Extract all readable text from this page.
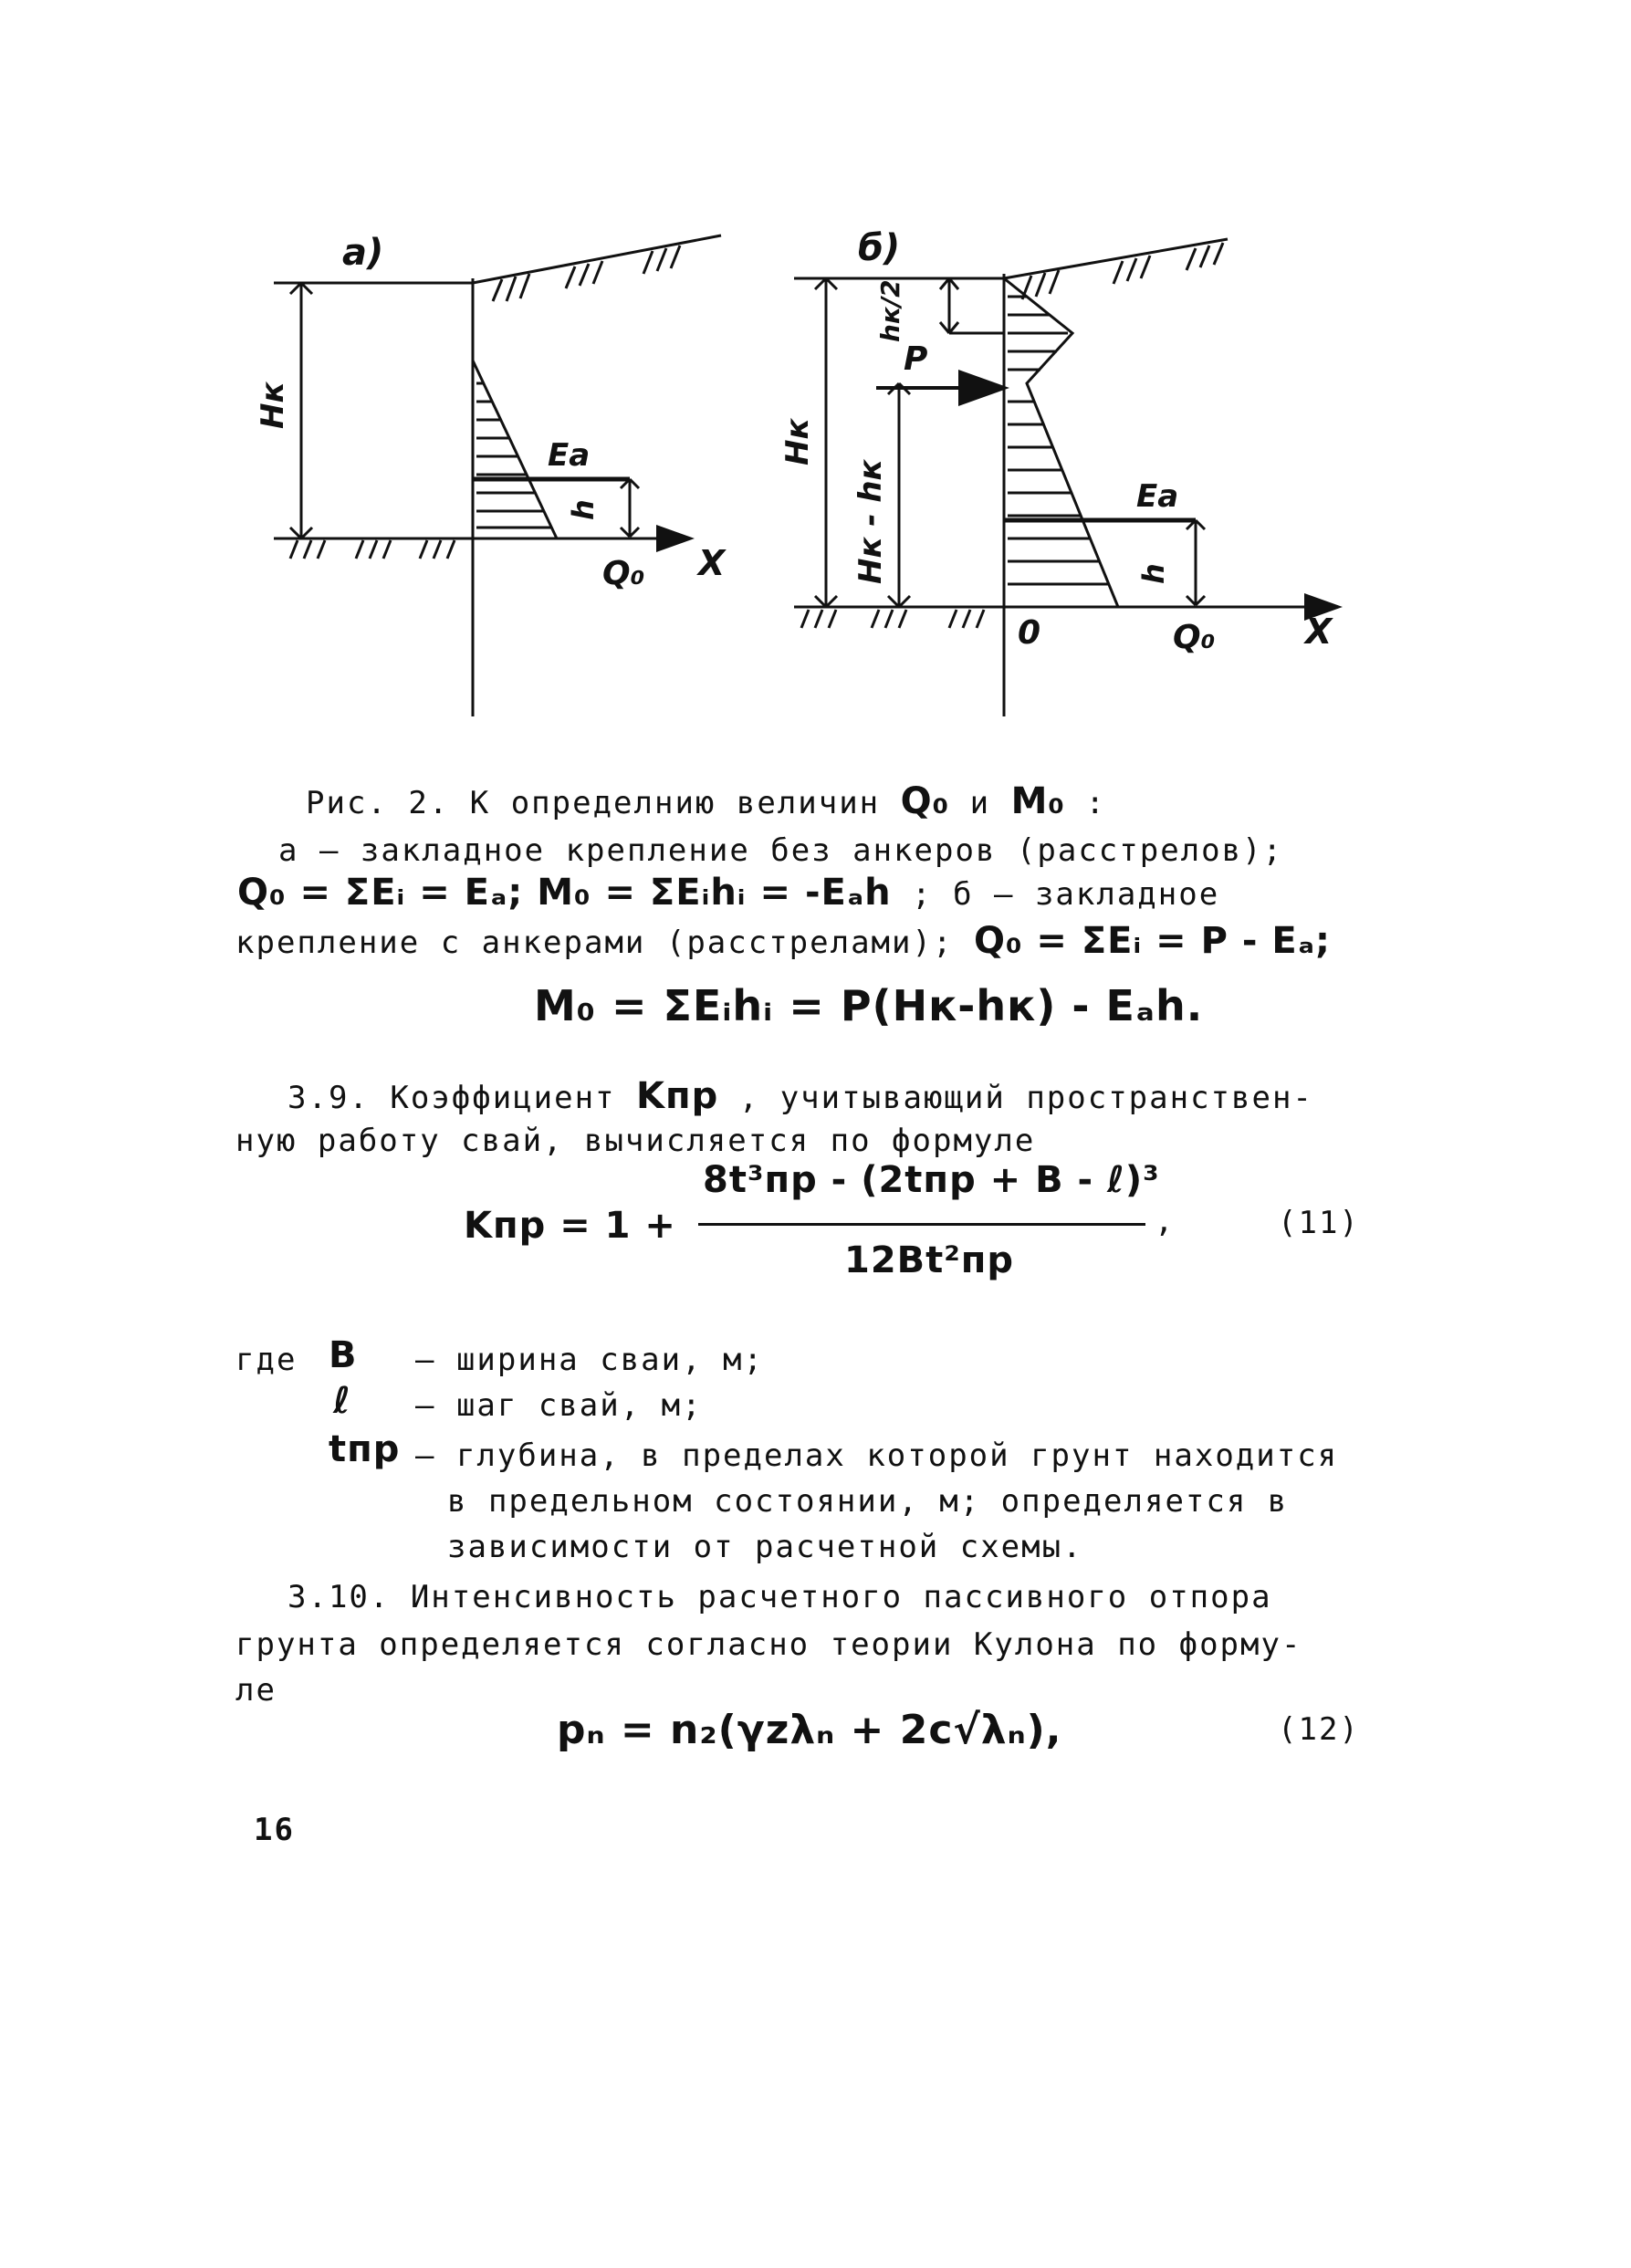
а)
Hк
Eа
h
Q₀ X
б)
hк/2
P
Hк
Hк - hк	Eа
h
0	Q₀	X
Рис. 2. К определнию величин Q₀ и M₀ :
а – закладное крепление без анкеров (расстрелов);
Q₀ = ΣEᵢ = Eₐ; M₀ = ΣEᵢhᵢ = -Eₐh ; б – закладное
крепление с анкерами (расстрелами); Q₀ = ΣEᵢ = P - Eₐ;
M₀ = ΣEᵢhᵢ = P(Hк-hк) - Eₐh.
3.9. Коэффициент Kпр , учитывающий пространствен-
ную работу свай, вычисляется по формуле
Kпр = 1 +
8t³пр - (2tпр + B - ℓ)³
12Bt²пр
,	(11)
где B – ширина сваи, м;
ℓ – шаг свай, м;
tпр – глубина, в пределах которой грунт находится
в предельном состоянии, м; определяется в
зависимости от расчетной схемы.
3.10. Интенсивность расчетного пассивного отпора
грунта определяется согласно теории Кулона по форму-
ле
pₙ = n₂(γzλₙ + 2c√λₙ),	(12)
16
